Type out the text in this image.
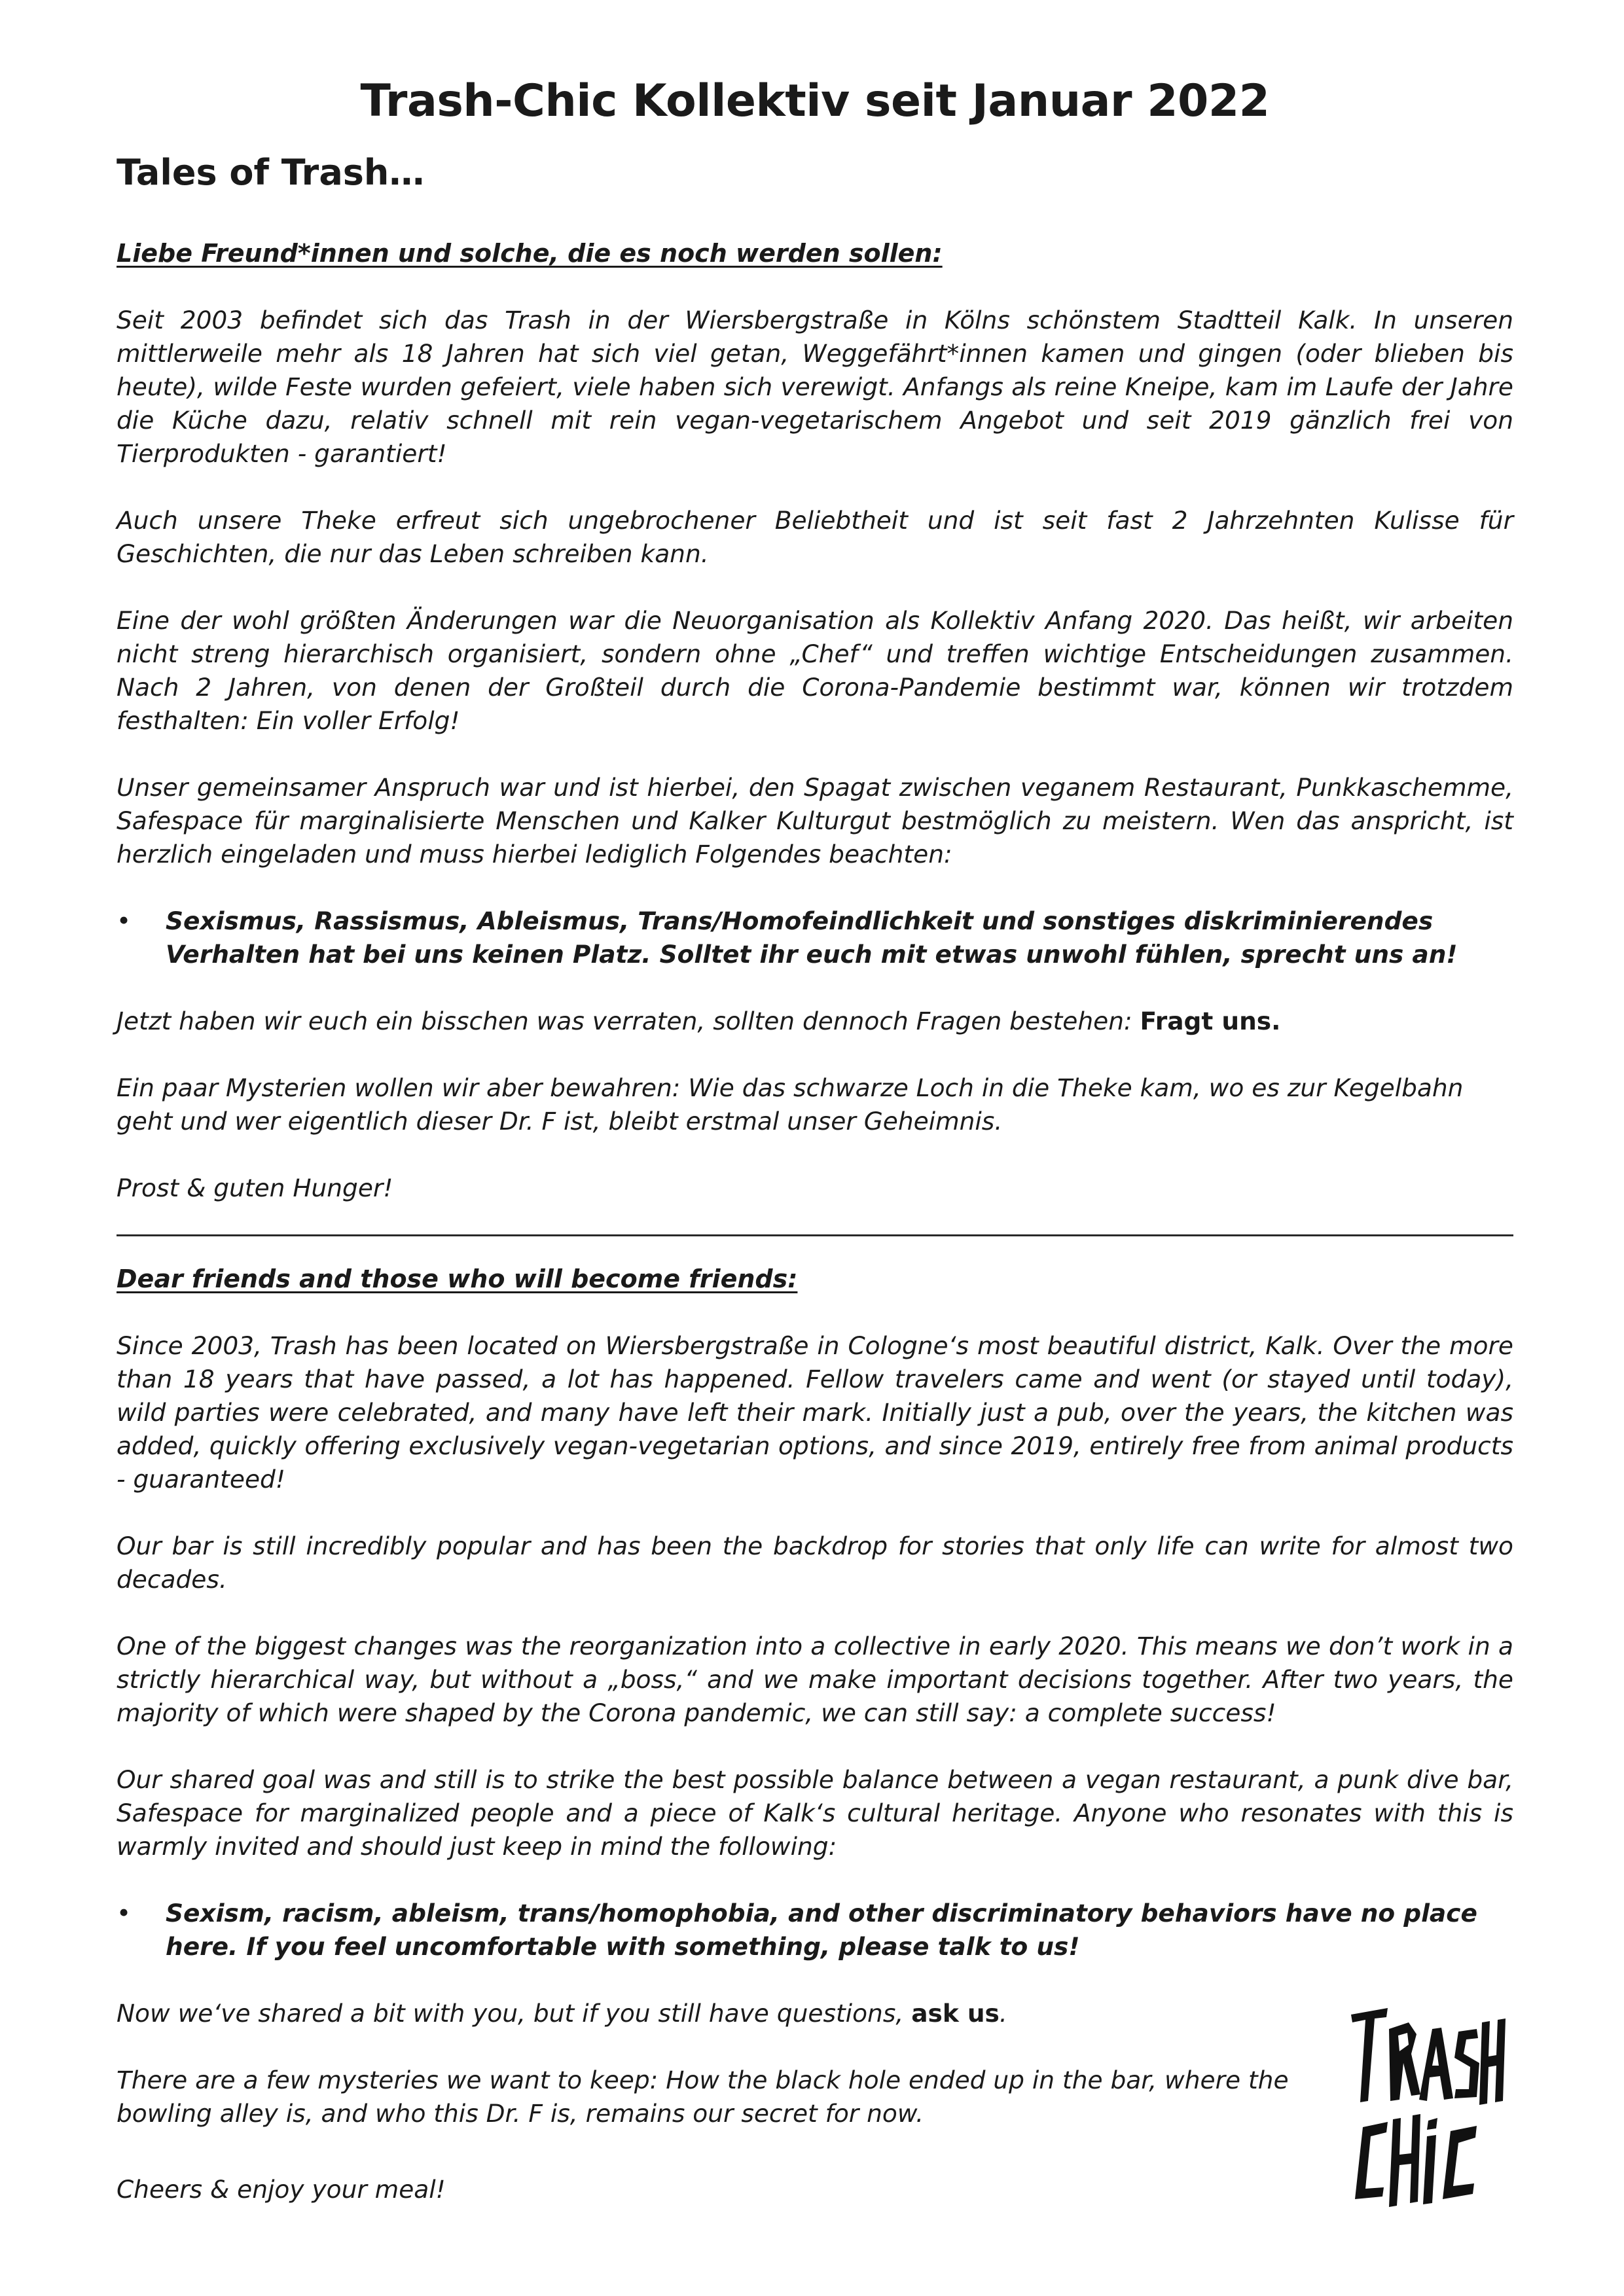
Trash-Chic Kollektiv seit Januar 2022
Tales of Trash…

Liebe Freund*innen und solche, die es noch werden sollen:

Seit 2003 befindet sich das Trash in der Wiersbergstraße in Kölns schönstem Stadtteil Kalk. In unseren mittlerweile mehr als 18 Jahren hat sich viel getan, Weggefährt*innen kamen und gingen (oder blieben bis heute), wilde Feste wurden gefeiert, viele haben sich verewigt. Anfangs als reine Kneipe, kam im Laufe der Jahre die Küche dazu, relativ schnell mit rein vegan-vegetarischem Angebot und seit 2019 gänzlich frei von Tierprodukten - garantiert!

Auch unsere Theke erfreut sich ungebrochener Beliebtheit und ist seit fast 2 Jahrzehnten Kulisse für Geschichten, die nur das Leben schreiben kann.

Eine der wohl größten Änderungen war die Neuorganisation als Kollektiv Anfang 2020. Das heißt, wir arbeiten nicht streng hierarchisch organisiert, sondern ohne „Chef“ und treffen wichtige Entscheidungen zusammen. Nach 2 Jahren, von denen der Großteil durch die Corona-Pandemie bestimmt war, können wir trotzdem festhalten: Ein voller Erfolg!

Unser gemeinsamer Anspruch war und ist hierbei, den Spagat zwischen veganem Restaurant, Punkkaschemme, Safespace für marginalisierte Menschen und Kalker Kulturgut bestmöglich zu meistern. Wen das anspricht, ist herzlich eingeladen und muss hierbei lediglich Folgendes beachten:

• Sexismus, Rassismus, Ableismus, Trans/Homofeindlichkeit und sonstiges diskriminierendes Verhalten hat bei uns keinen Platz. Solltet ihr euch mit etwas unwohl fühlen, sprecht uns an!

Jetzt haben wir euch ein bisschen was verraten, sollten dennoch Fragen bestehen: Fragt uns.

Ein paar Mysterien wollen wir aber bewahren: Wie das schwarze Loch in die Theke kam, wo es zur Kegelbahn geht und wer eigentlich dieser Dr. F ist, bleibt erstmal unser Geheimnis.

Prost & guten Hunger!

Dear friends and those who will become friends:

Since 2003, Trash has been located on Wiersbergstraße in Cologne‘s most beautiful district, Kalk. Over the more than 18 years that have passed, a lot has happened. Fellow travelers came and went (or stayed until today), wild parties were celebrated, and many have left their mark. Initially just a pub, over the years, the kitchen was added, quickly offering exclusively vegan-vegetarian options, and since 2019, entirely free from animal products - guaranteed!

Our bar is still incredibly popular and has been the backdrop for stories that only life can write for almost two decades.

One of the biggest changes was the reorganization into a collective in early 2020. This means we don’t work in a strictly hierarchical way, but without a „boss,“ and we make important decisions together. After two years, the majority of which were shaped by the Corona pandemic, we can still say: a complete success!

Our shared goal was and still is to strike the best possible balance between a vegan restaurant, a punk dive bar, Safespace for marginalized people and a piece of Kalk‘s cultural heritage. Anyone who resonates with this is warmly invited and should just keep in mind the following:

• Sexism, racism, ableism, trans/homophobia, and other discriminatory behaviors have no place here. If you feel uncomfortable with something, please talk to us!

Now we‘ve shared a bit with you, but if you still have questions, ask us.

There are a few mysteries we want to keep: How the black hole ended up in the bar, where the bowling alley is, and who this Dr. F is, remains our secret for now.

Cheers & enjoy your meal!
